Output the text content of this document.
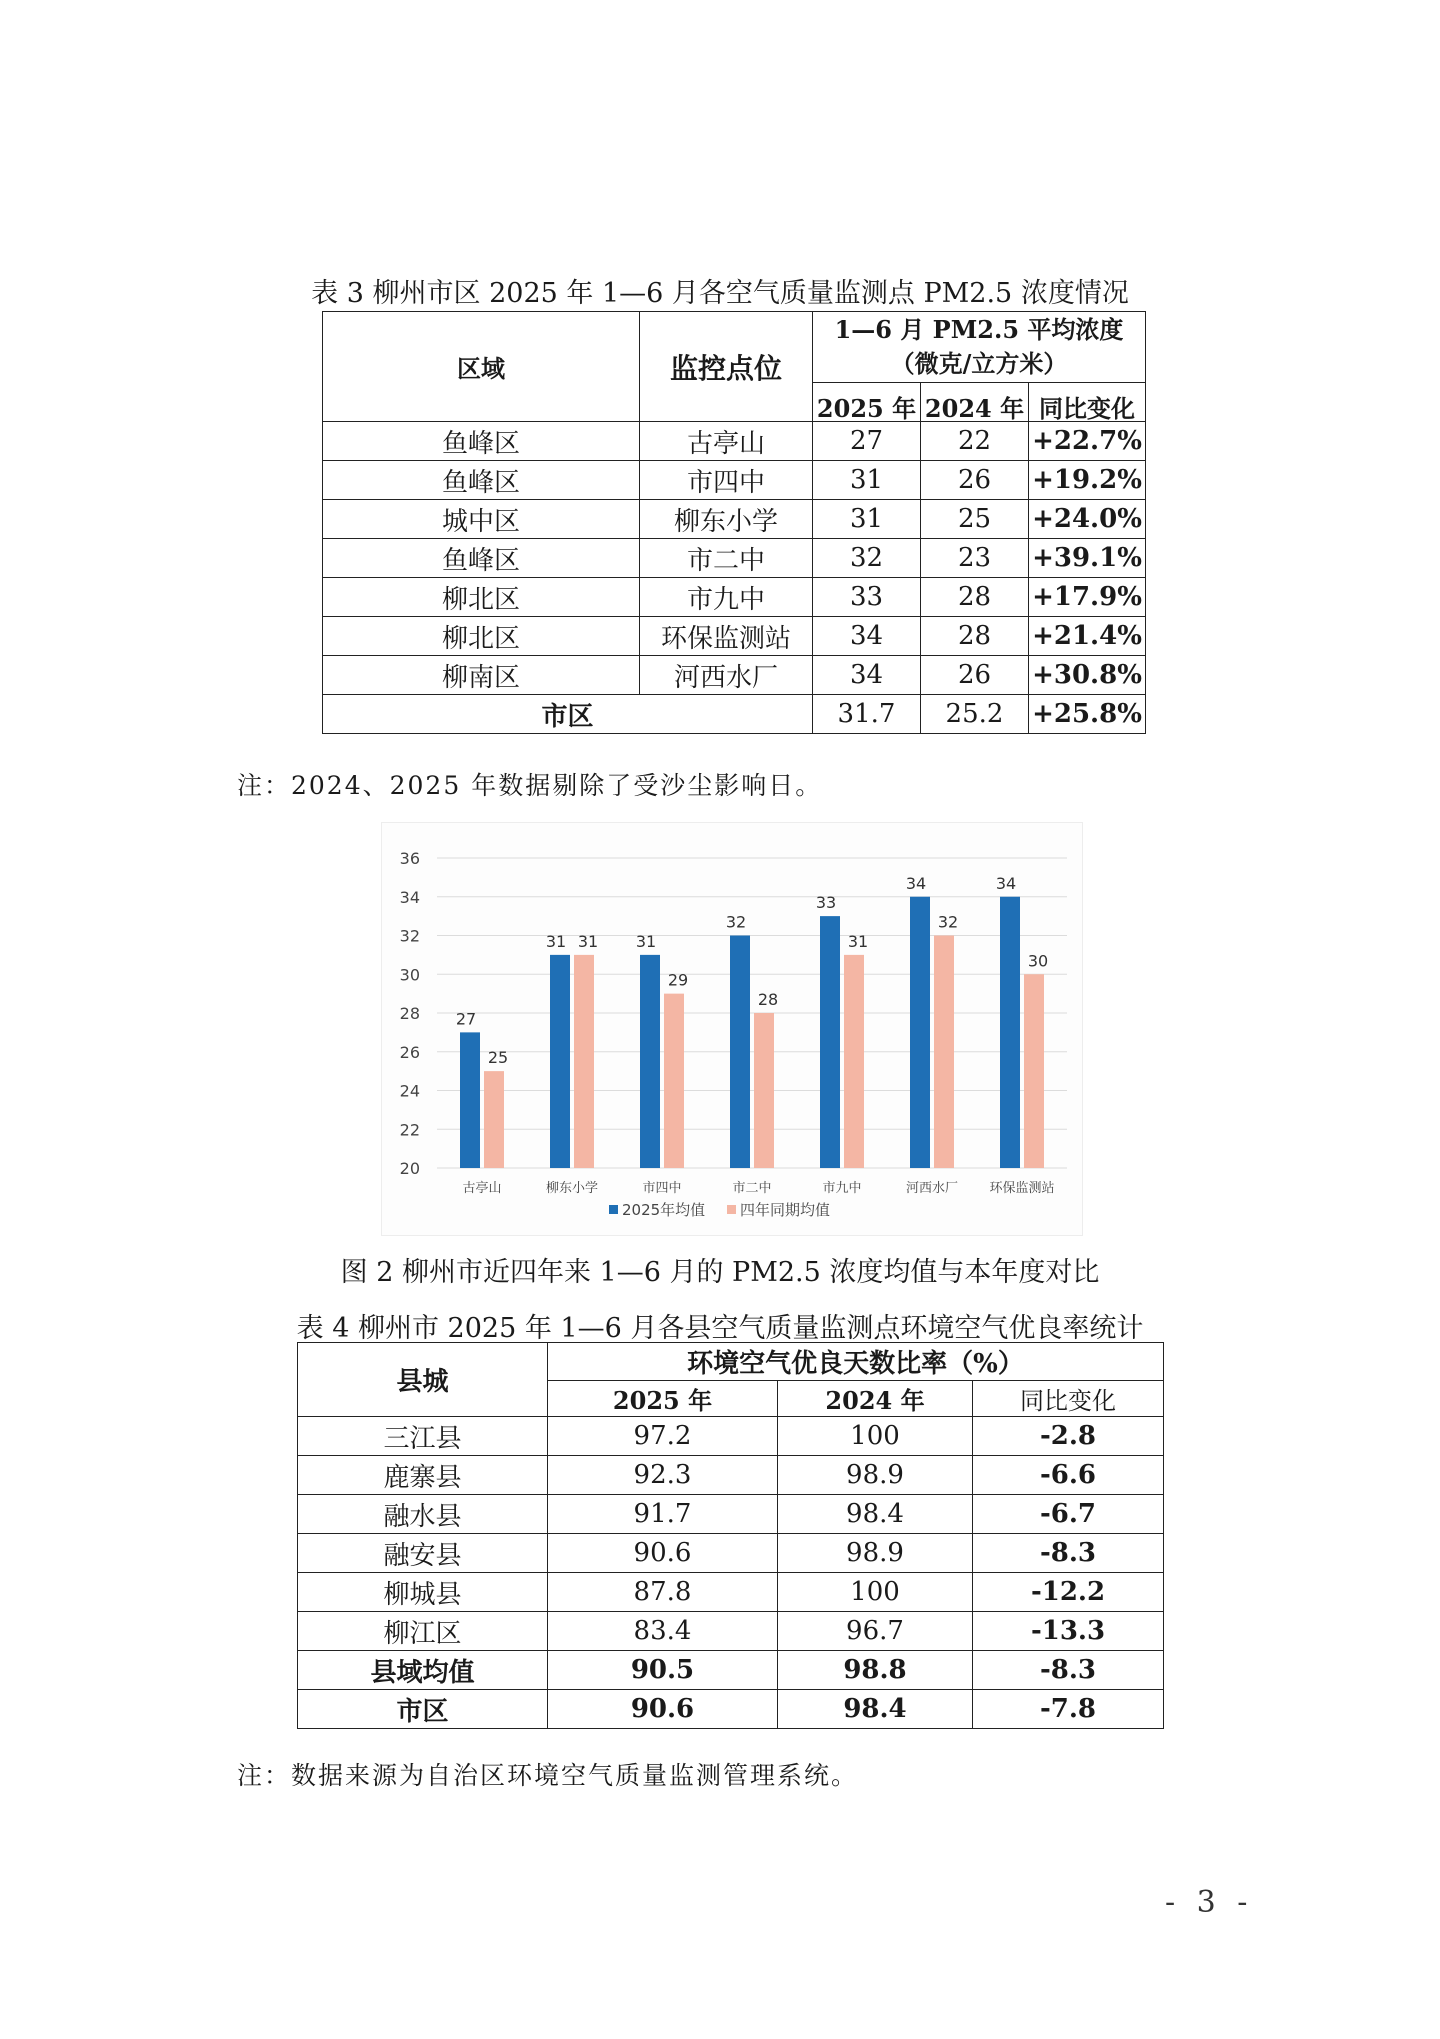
表 3 柳州市区 2025 年 1—6 月各空气质量监测点 PM2.5 浓度情况
区域	监控点位	1—6 月 PM2.5 平均浓度
（微克/立方米）		

		2025 年	2024 年	同比变化
鱼峰区	古亭山	27	22	+22.7%
鱼峰区	市四中	31	26	+19.2%
城中区	柳东小学	31	25	+24.0%
鱼峰区	市二中	32	23	+39.1%
柳北区	市九中	33	28	+17.9%
柳北区	环保监测站	34	28	+21.4%
柳南区	河西水厂	34	26	+30.8%
市区		31.7	25.2	+25.8%
注：2024、2025 年数据剔除了受沙尘影响日。
20
22
24
26
28
30
32
34
36
27
25
古亭山
31 31
柳东小学
31
29
市四中
32
28
市二中
33
31
市九中
34
32
河西水厂
34
30
环保监测站
2025年均值 四年同期均值
图 2 柳州市近四年来 1—6 月的 PM2.5 浓度均值与本年度对比
表 4 柳州市 2025 年 1—6 月各县空气质量监测点环境空气优良率统计
县城	环境空气优良天数比率（%）		
	2025 年	2024 年	同比变化
三江县	97.2	100	-2.8
鹿寨县	92.3	98.9	-6.6
融水县	91.7	98.4	-6.7
融安县	90.6	98.9	-8.3
柳城县	87.8	100	-12.2
柳江区	83.4	96.7	-13.3
县域均值	90.5	98.8	-8.3
市区	90.6	98.4	-7.8
注：数据来源为自治区环境空气质量监测管理系统。
- 3 -
